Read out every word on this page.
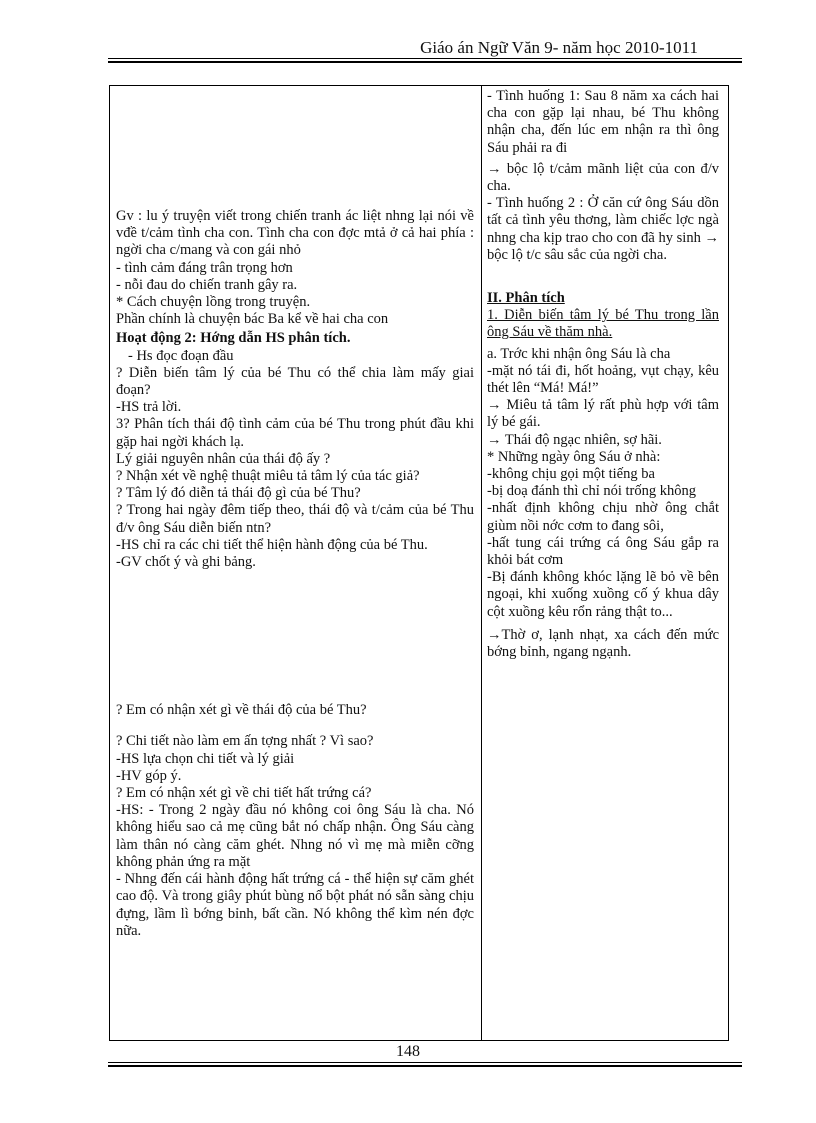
Giáo án Ngữ Văn 9- năm học 2010-1011

Gv : lu ý truyện viết trong chiến tranh ác liệt nhng lại nói về vđề t/cảm tình cha con. Tình cha con đợc mtả ở cả hai phía : ngời cha c/mang và con gái nhỏ

- tình cảm đáng trân trọng hơn

- nỗi đau do chiến tranh gây ra.

* Cách chuyện lồng trong truyện.

Phần chính là chuyện bác Ba kể về hai cha con

Hoạt động 2: Hớng dẫn HS phân tích.

- Hs đọc đoạn đầu

? Diễn biến tâm lý của bé Thu có thể chia làm mấy giai đoạn?

-HS trả lời.

3? Phân tích thái độ tình cảm của bé Thu trong phút đầu khi gặp hai ngời khách lạ.

Lý giải nguyên nhân của thái độ ấy ?

? Nhận xét về nghệ thuật miêu tả tâm lý của tác giả?

? Tâm lý đó diễn tả thái độ gì của bé Thu?

? Trong hai ngày đêm tiếp theo, thái độ và t/cảm của bé Thu đ/v ông Sáu diễn biến ntn?

-HS chỉ ra các chi tiết thể hiện hành động của bé Thu.

-GV chốt ý và ghi bảng.

? Em có nhận xét gì về thái độ của bé Thu?

? Chi tiết nào làm em ấn tợng nhất ? Vì sao?

-HS lựa chọn chi tiết và lý giải

-HV góp ý.

? Em có nhận xét gì về chi tiết hất trứng cá?

-HS: - Trong 2 ngày đầu nó không coi ông Sáu là cha. Nó không hiểu sao cả mẹ cũng bắt nó chấp nhận. Ông Sáu càng làm thân nó càng căm ghét. Nhng nó vì mẹ mà miễn cỡng không phản ứng ra mặt

- Nhng đến cái hành động hất trứng cá - thể hiện sự căm ghét cao độ. Và trong giây phút bùng nổ bột phát nó sẵn sàng chịu đựng, lầm lì bớng bỉnh, bất cần. Nó không thể kìm nén đợc nữa.

- Tình huống 1: Sau 8 năm xa cách hai cha con gặp lại nhau, bé Thu không nhận cha, đến lúc em nhận ra thì ông Sáu phải ra đi

→ bộc lộ t/cảm mãnh liệt của con đ/v cha.

- Tình huống 2 : Ở căn cứ ông Sáu dồn tất cả tình yêu thơng, làm chiếc lợc ngà nhng cha kịp trao cho con đã hy sinh → bộc lộ t/c sâu sắc của ngời cha.

II. Phân tích

1. Diễn biến tâm lý bé Thu trong lần ông Sáu về thăm nhà.

a. Trớc khi nhận ông Sáu là cha

-mặt nó tái đi, hốt hoảng, vụt chạy, kêu thét lên “Má! Má!”

→ Miêu tả tâm lý rất phù hợp với tâm lý bé gái.

→ Thái độ ngạc nhiên, sợ hãi.

* Những ngày ông Sáu ở nhà:

-không chịu gọi một tiếng ba

-bị doạ đánh thì chỉ nói trống không

-nhất định không chịu nhờ ông chắt giùm nồi nớc cơm to đang sôi,

-hất tung cái trứng cá ông Sáu gắp ra khỏi bát cơm

-Bị đánh không khóc lặng lẽ bỏ về bên ngoại, khi xuống xuồng cố ý khua dây cột xuồng kêu rổn rảng thật to...

→Thờ ơ, lạnh nhạt, xa cách đến mức bớng bỉnh, ngang ngạnh.

148
